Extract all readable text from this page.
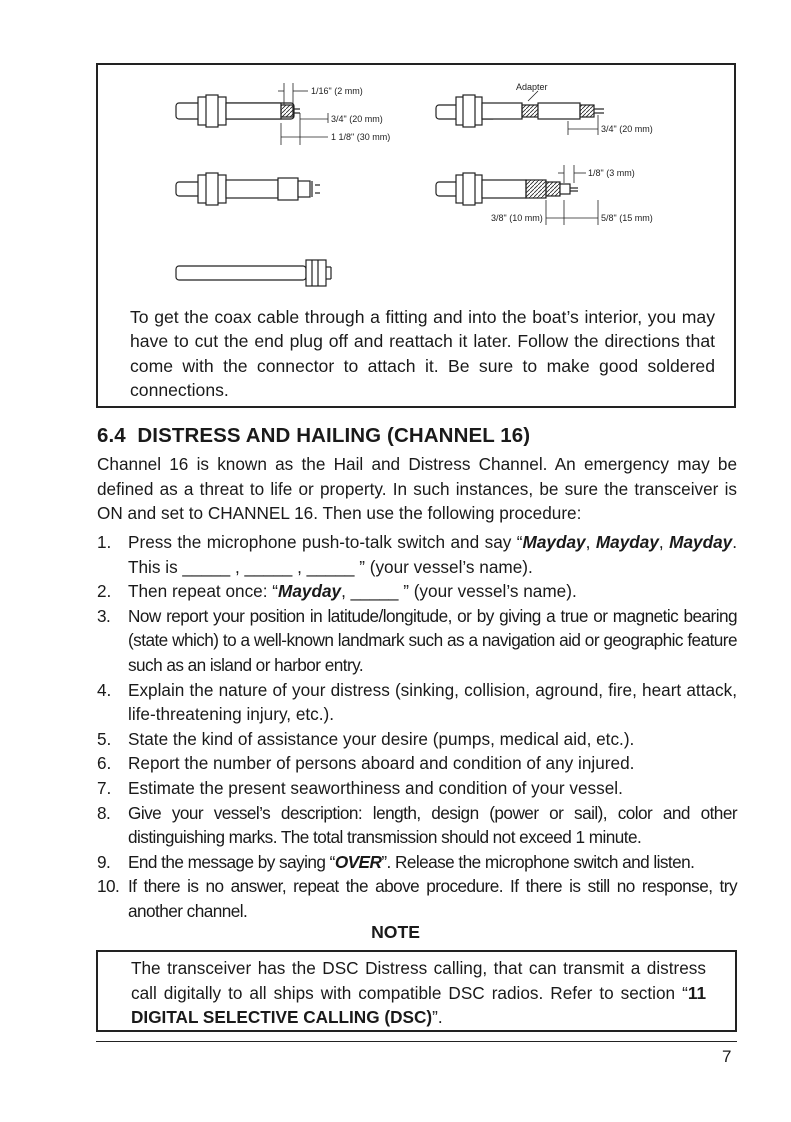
1/16" (2 mm)
3/4" (20 mm)
1 1/8" (30 mm)
Adapter
3/4" (20 mm)
1/8" (3 mm)
3/8" (10 mm)	5/8" (15 mm)
To get the coax cable through a fitting and into the boat’s interior, you may have to cut the end plug off and reattach it later. Follow the directions that come with the connector to attach it. Be sure to make good soldered connections.
6.4  DISTRESS AND HAILING (CHANNEL 16)
Channel 16 is known as the Hail and Distress Channel. An emergency may be defined as a threat to life or property. In such instances, be sure the transceiver is ON and set to CHANNEL 16. Then use the following procedure:
1. Press the microphone push-to-talk switch and say “Mayday, Mayday, Mayday. This is _____ , _____ , _____ ” (your vessel’s name).
2. Then repeat once: “Mayday, _____ ” (your vessel’s name).
3. Now report your position in latitude/longitude, or by giving a true or magnetic bearing (state which) to a well-known landmark such as a navigation aid or geographic feature such as an island or harbor entry.
4. Explain the nature of your distress (sinking, collision, aground, fire, heart attack, life-threatening injury, etc.).
5. State the kind of assistance your desire (pumps, medical aid, etc.).
6. Report the number of persons aboard and condition of any injured.
7. Estimate the present seaworthiness and condition of your vessel.
8. Give your vessel’s description: length, design (power or sail), color and other distinguishing marks. The total transmission should not exceed 1 minute.
9. End the message by saying “OVER”. Release the microphone switch and listen.
10. If there is no answer, repeat the above procedure. If there is still no response, try another channel.
NOTE
The transceiver has the DSC Distress calling, that can transmit a distress call digitally to all ships with compatible DSC radios. Refer to section “11 DIGITAL SELECTIVE CALLING (DSC)”.
7
